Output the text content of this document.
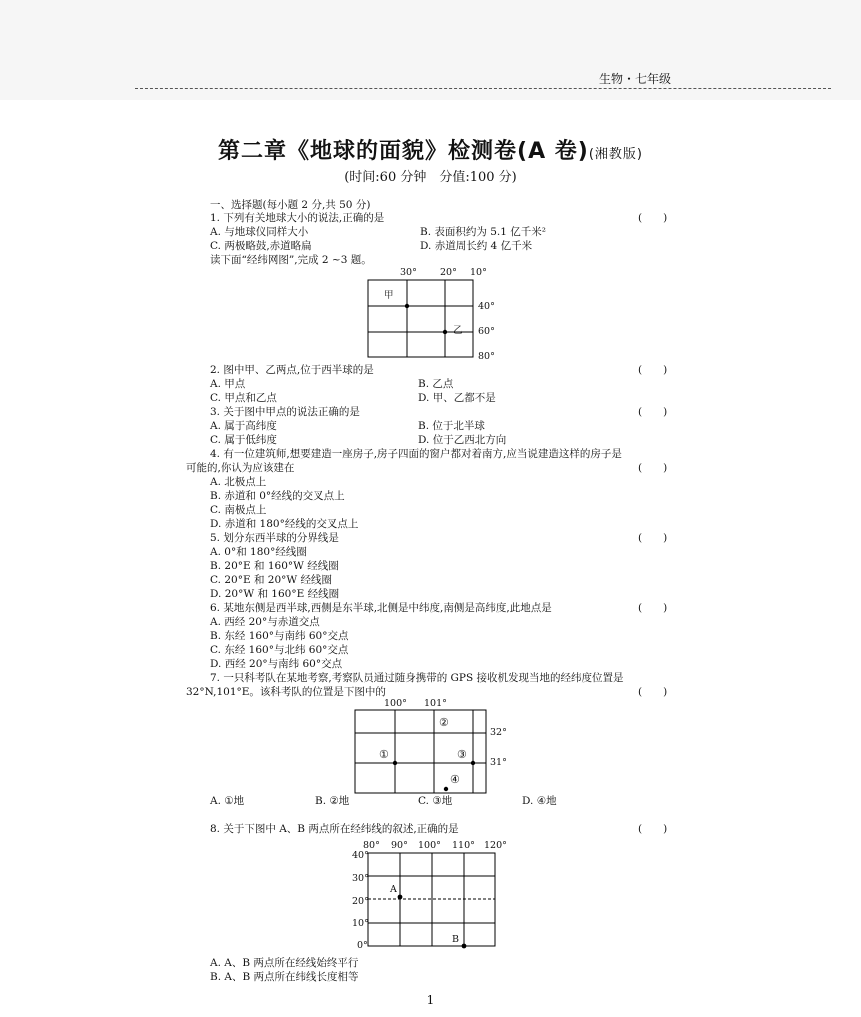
生物・七年级
第二章《地球的面貌》检测卷(A 卷)(湘教版)
(时间:60 分钟　分值:100 分)
一、选择题(每小题 2 分,共 50 分)
1. 下列有关地球大小的说法,正确的是	(　　)
A. 与地球仪同样大小	B. 表面积约为 5.1 亿千米²
C. 两极略鼓,赤道略扁	D. 赤道周长约 4 亿千米
读下面“经纬网图”,完成 2 ~3 题。
30° 20° 10°
甲
乙
40°
60°
80°
2. 图中甲、乙两点,位于西半球的是	(　　)
A. 甲点	B. 乙点
C. 甲点和乙点	D. 甲、乙都不是
3. 关于图中甲点的说法正确的是	(　　)
A. 属于高纬度	B. 位于北半球
C. 属于低纬度	D. 位于乙西北方向
4. 有一位建筑师,想要建造一座房子,房子四面的窗户都对着南方,应当说建造这样的房子是
可能的,你认为应该建在	(　　)
A. 北极点上
B. 赤道和 0°经线的交叉点上
C. 南极点上
D. 赤道和 180°经线的交叉点上
5. 划分东西半球的分界线是	(　　)
A. 0°和 180°经线圈
B. 20°E 和 160°W 经线圈
C. 20°E 和 20°W 经线圈
D. 20°W 和 160°E 经线圈
6. 某地东侧是西半球,西侧是东半球,北侧是中纬度,南侧是高纬度,此地点是	(　　)
A. 西经 20°与赤道交点
B. 东经 160°与南纬 60°交点
C. 东经 160°与北纬 60°交点
D. 西经 20°与南纬 60°交点
7. 一只科考队在某地考察,考察队员通过随身携带的 GPS 接收机发现当地的经纬度位置是
32°N,101°E。该科考队的位置是下图中的	(　　)
100° 101°
②
①	③
④
32°
31°
A. ①地	B. ②地	C. ③地	D. ④地
8. 关于下图中 A、B 两点所在经纬线的叙述,正确的是	(　　)
80° 90° 100° 110° 120°
40°
30°
20°
10°
0°
A
B
A. A、B 两点所在经线始终平行
B. A、B 两点所在纬线长度相等
1
